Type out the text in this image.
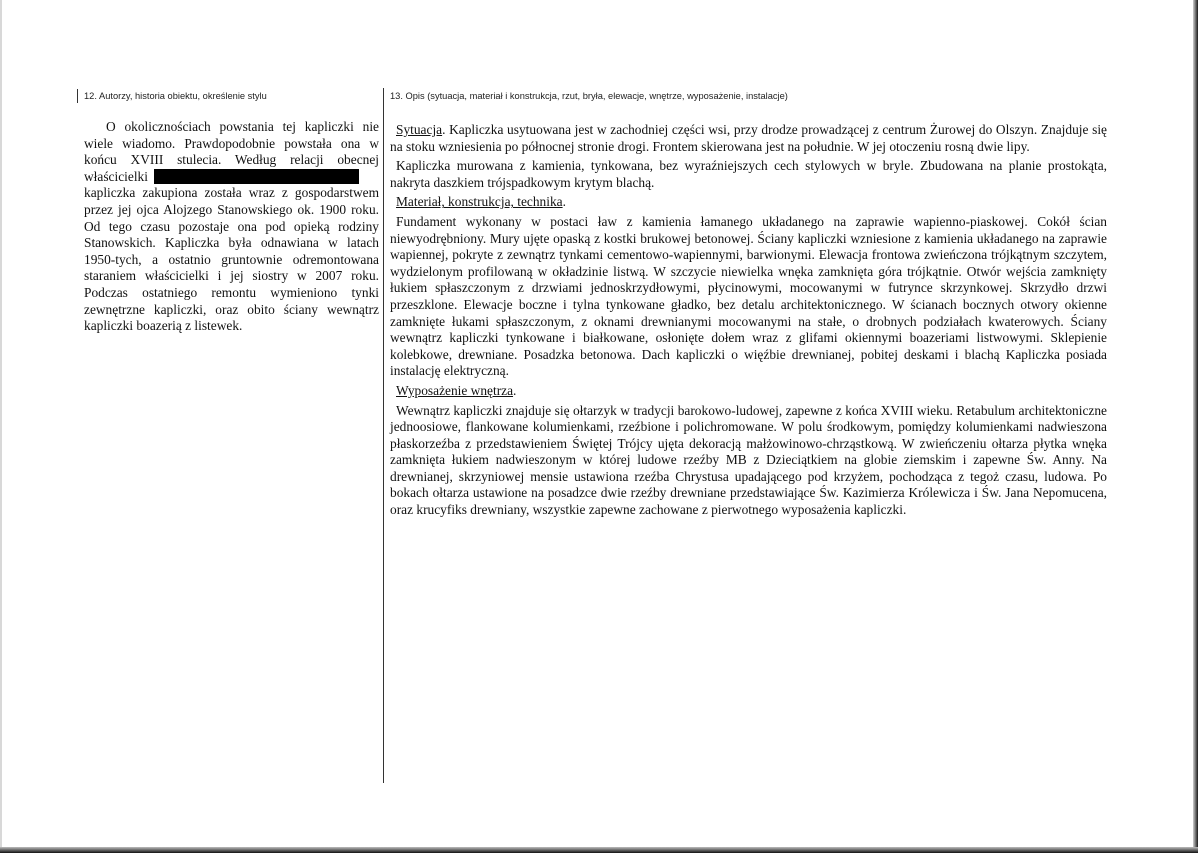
12. Autorzy, historia obiektu, określenie stylu	13. Opis (sytuacja, materiał i konstrukcja, rzut, bryła, elewacje, wnętrze, wyposażenie, instalacje)

O okolicznościach powstania tej kapliczki nie wiele wiadomo. Prawdopodobnie powstała ona w końcu XVIII stulecia. Według relacji obecnej właścicielki
kapliczka zakupiona została wraz z gospodarstwem przez jej ojca Alojzego Stanowskiego ok. 1900 roku. Od tego czasu pozostaje ona pod opieką rodziny Stanowskich. Kapliczka była odnawiana w latach 1950-tych, a ostatnio gruntownie odremontowana staraniem właścicielki i jej siostry w 2007 roku. Podczas ostatniego remontu wymieniono tynki zewnętrzne kapliczki, oraz obito ściany wewnątrz kapliczki boazerią z listewek.

Sytuacja. Kapliczka usytuowana jest w zachodniej części wsi, przy drodze prowadzącej z centrum Żurowej do Olszyn. Znajduje się na stoku wzniesienia po północnej stronie drogi. Frontem skierowana jest na południe. W jej otoczeniu rosną dwie lipy.

Kapliczka murowana z kamienia, tynkowana, bez wyraźniejszych cech stylowych w bryle. Zbudowana na planie prostokąta, nakryta daszkiem trójspadkowym krytym blachą.

Materiał, konstrukcja, technika.

Fundament wykonany w postaci ław z kamienia łamanego układanego na zaprawie wapienno-piaskowej. Cokół ścian niewyodrębniony. Mury ujęte opaską z kostki brukowej betonowej. Ściany kapliczki wzniesione z kamienia układanego na zaprawie wapiennej, pokryte z zewnątrz tynkami cementowo-wapiennymi, barwionymi. Elewacja frontowa zwieńczona trójkątnym szczytem, wydzielonym profilowaną w okładzinie listwą. W szczycie niewielka wnęka zamknięta góra trójkątnie. Otwór wejścia zamknięty łukiem spłaszczonym z drzwiami jednoskrzydłowymi, płycinowymi, mocowanymi w futrynce skrzynkowej. Skrzydło drzwi przeszklone. Elewacje boczne i tylna tynkowane gładko, bez detalu architektonicznego. W ścianach bocznych otwory okienne zamknięte łukami spłaszczonym, z oknami drewnianymi mocowanymi na stałe, o drobnych podziałach kwaterowych. Ściany wewnątrz kapliczki tynkowane i białkowane, osłonięte dołem wraz z glifami okiennymi boazeriami listwowymi. Sklepienie kolebkowe, drewniane. Posadzka betonowa. Dach kapliczki o więźbie drewnianej, pobitej deskami i blachą Kapliczka posiada instalację elektryczną.

Wyposażenie wnętrza.

Wewnątrz kapliczki znajduje się ołtarzyk w tradycji barokowo-ludowej, zapewne z końca XVIII wieku. Retabulum architektoniczne jednoosiowe, flankowane kolumienkami, rzeźbione i polichromowane. W polu środkowym, pomiędzy kolumienkami nadwieszona płaskorzeźba z przedstawieniem Świętej Trójcy ujęta dekoracją małżowinowo-chrząstkową. W zwieńczeniu ołtarza płytka wnęka zamknięta łukiem nadwieszonym w której ludowe rzeźby MB z Dzieciątkiem na globie ziemskim i zapewne Św. Anny. Na drewnianej, skrzyniowej mensie ustawiona rzeźba Chrystusa upadającego pod krzyżem, pochodząca z tegoż czasu, ludowa. Po bokach ołtarza ustawione na posadzce dwie rzeźby drewniane przedstawiające Św. Kazimierza Królewicza i Św. Jana Nepomucena, oraz krucyfiks drewniany, wszystkie zapewne zachowane z pierwotnego wyposażenia kapliczki.
